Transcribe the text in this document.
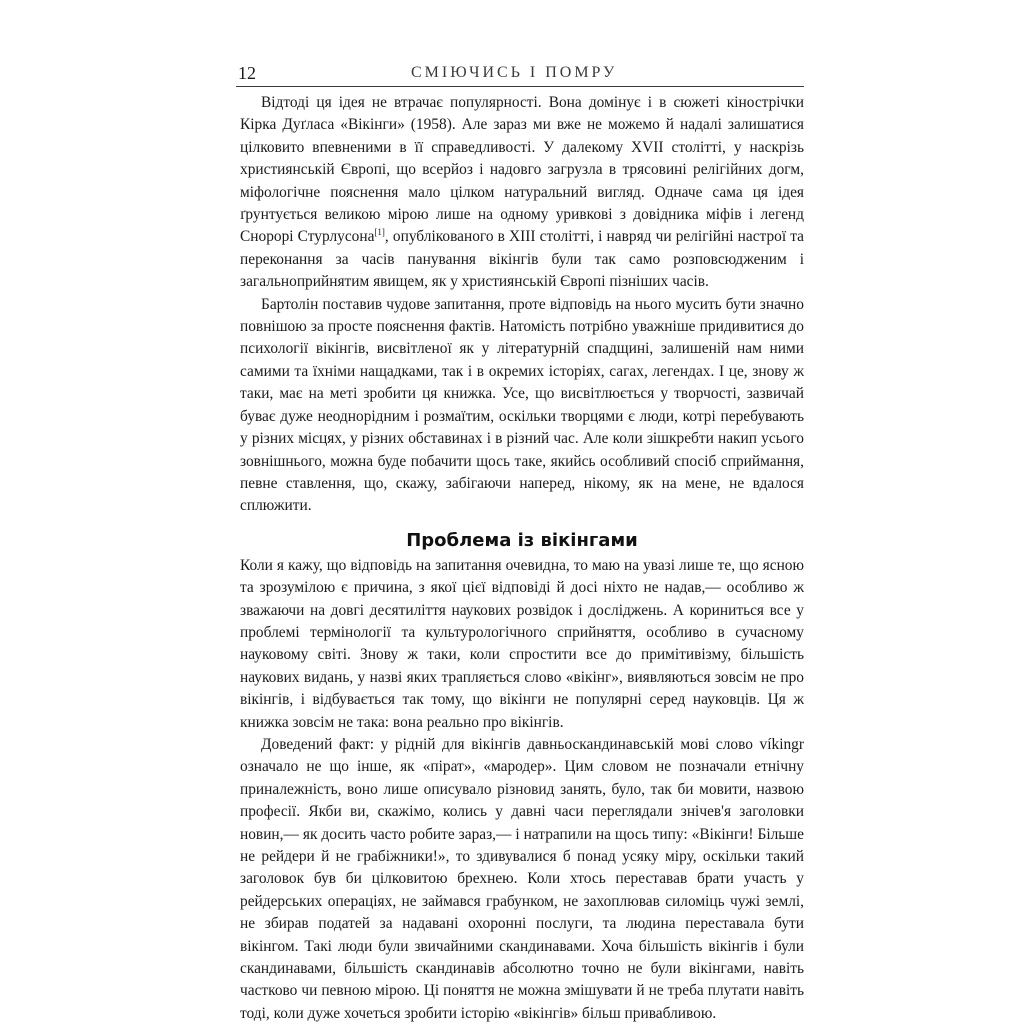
12	СМІЮЧИСЬ І ПОМРУ

Відтоді ця ідея не втрачає популярності. Вона домінує і в сюжеті кінострічки Кірка Дуґласа «Вікінги» (1958). Але зараз ми вже не можемо й надалі залишатися цілковито впевненими в її справедливості. У далекому XVII столітті, у наскрізь християнській Європі, що всерйоз і надовго загрузла в трясовині релігійних догм, міфологічне пояснення мало цілком натуральний вигляд. Одначе сама ця ідея ґрунтується великою мірою лише на одному уривкові з довідника міфів і легенд Снорорі Стурлусона[1], опублікованого в XIII столітті, і навряд чи релігійні настрої та переконання за часів панування вікінгів були так само розповсюдженим і загальноприйнятим явищем, як у християнській Європі пізніших часів.

Бартолін поставив чудове запитання, проте відповідь на нього мусить бути значно повнішою за просте пояснення фактів. Натомість потрібно уважніше придивитися до психології вікінгів, висвітленої як у літературній спадщині, залишеній нам ними самими та їхніми нащадками, так і в окремих історіях, сагах, легендах. І це, знову ж таки, має на меті зробити ця книжка. Усе, що висвітлюється у творчості, зазвичай буває дуже неоднорідним і розмаїтим, оскільки творцями є люди, котрі перебувають у різних місцях, у різних обставинах і в різний час. Але коли зішкребти накип усього зовнішнього, можна буде побачити щось таке, якийсь особливий спосіб сприймання, певне ставлення, що, скажу, забігаючи наперед, нікому, як на мене, не вдалося сплюжити.

Проблема із вікінгами

Коли я кажу, що відповідь на запитання очевидна, то маю на увазі лише те, що ясною та зрозумілою є причина, з якої цієї відповіді й досі ніхто не надав,— особливо ж зважаючи на довгі десятиліття наукових розвідок і досліджень. А кориниться все у проблемі термінології та культурологічного сприйняття, особливо в сучасному науковому світі. Знову ж таки, коли спростити все до примітивізму, більшість наукових видань, у назві яких трапляється слово «вікінг», виявляються зовсім не про вікінгів, і відбувається так тому, що вікінги не популярні серед науковців. Ця ж книжка зовсім не така: вона реально про вікінгів.

Доведений факт: у рідній для вікінгів давньоскандинавській мові слово víkingr означало не що інше, як «пірат», «мародер». Цим словом не позначали етнічну приналежність, воно лише описувало різновид занять, було, так би мовити, назвою професії. Якби ви, скажімо, колись у давні часи переглядали знічев'я заголовки новин,— як досить часто робите зараз,— і натрапили на щось типу: «Вікінги! Більше не рейдери й не грабіжники!», то здивувалися б понад усяку міру, оскільки такий заголовок був би цілковитою брехнею. Коли хтось переставав брати участь у рейдерських операціях, не займався грабунком, не захоплював силоміць чужі землі, не збирав податей за надавані охоронні послуги, та людина переставала бути вікінгом. Такі люди були звичайними скандинавами. Хоча більшість вікінгів і були скандинавами, більшість скандинавів абсолютно точно не були вікінгами, навіть частково чи певною мірою. Ці поняття не можна змішувати й не треба плутати навіть тоді, коли дуже хочеться зробити історію «вікінгів» більш привабливою.
